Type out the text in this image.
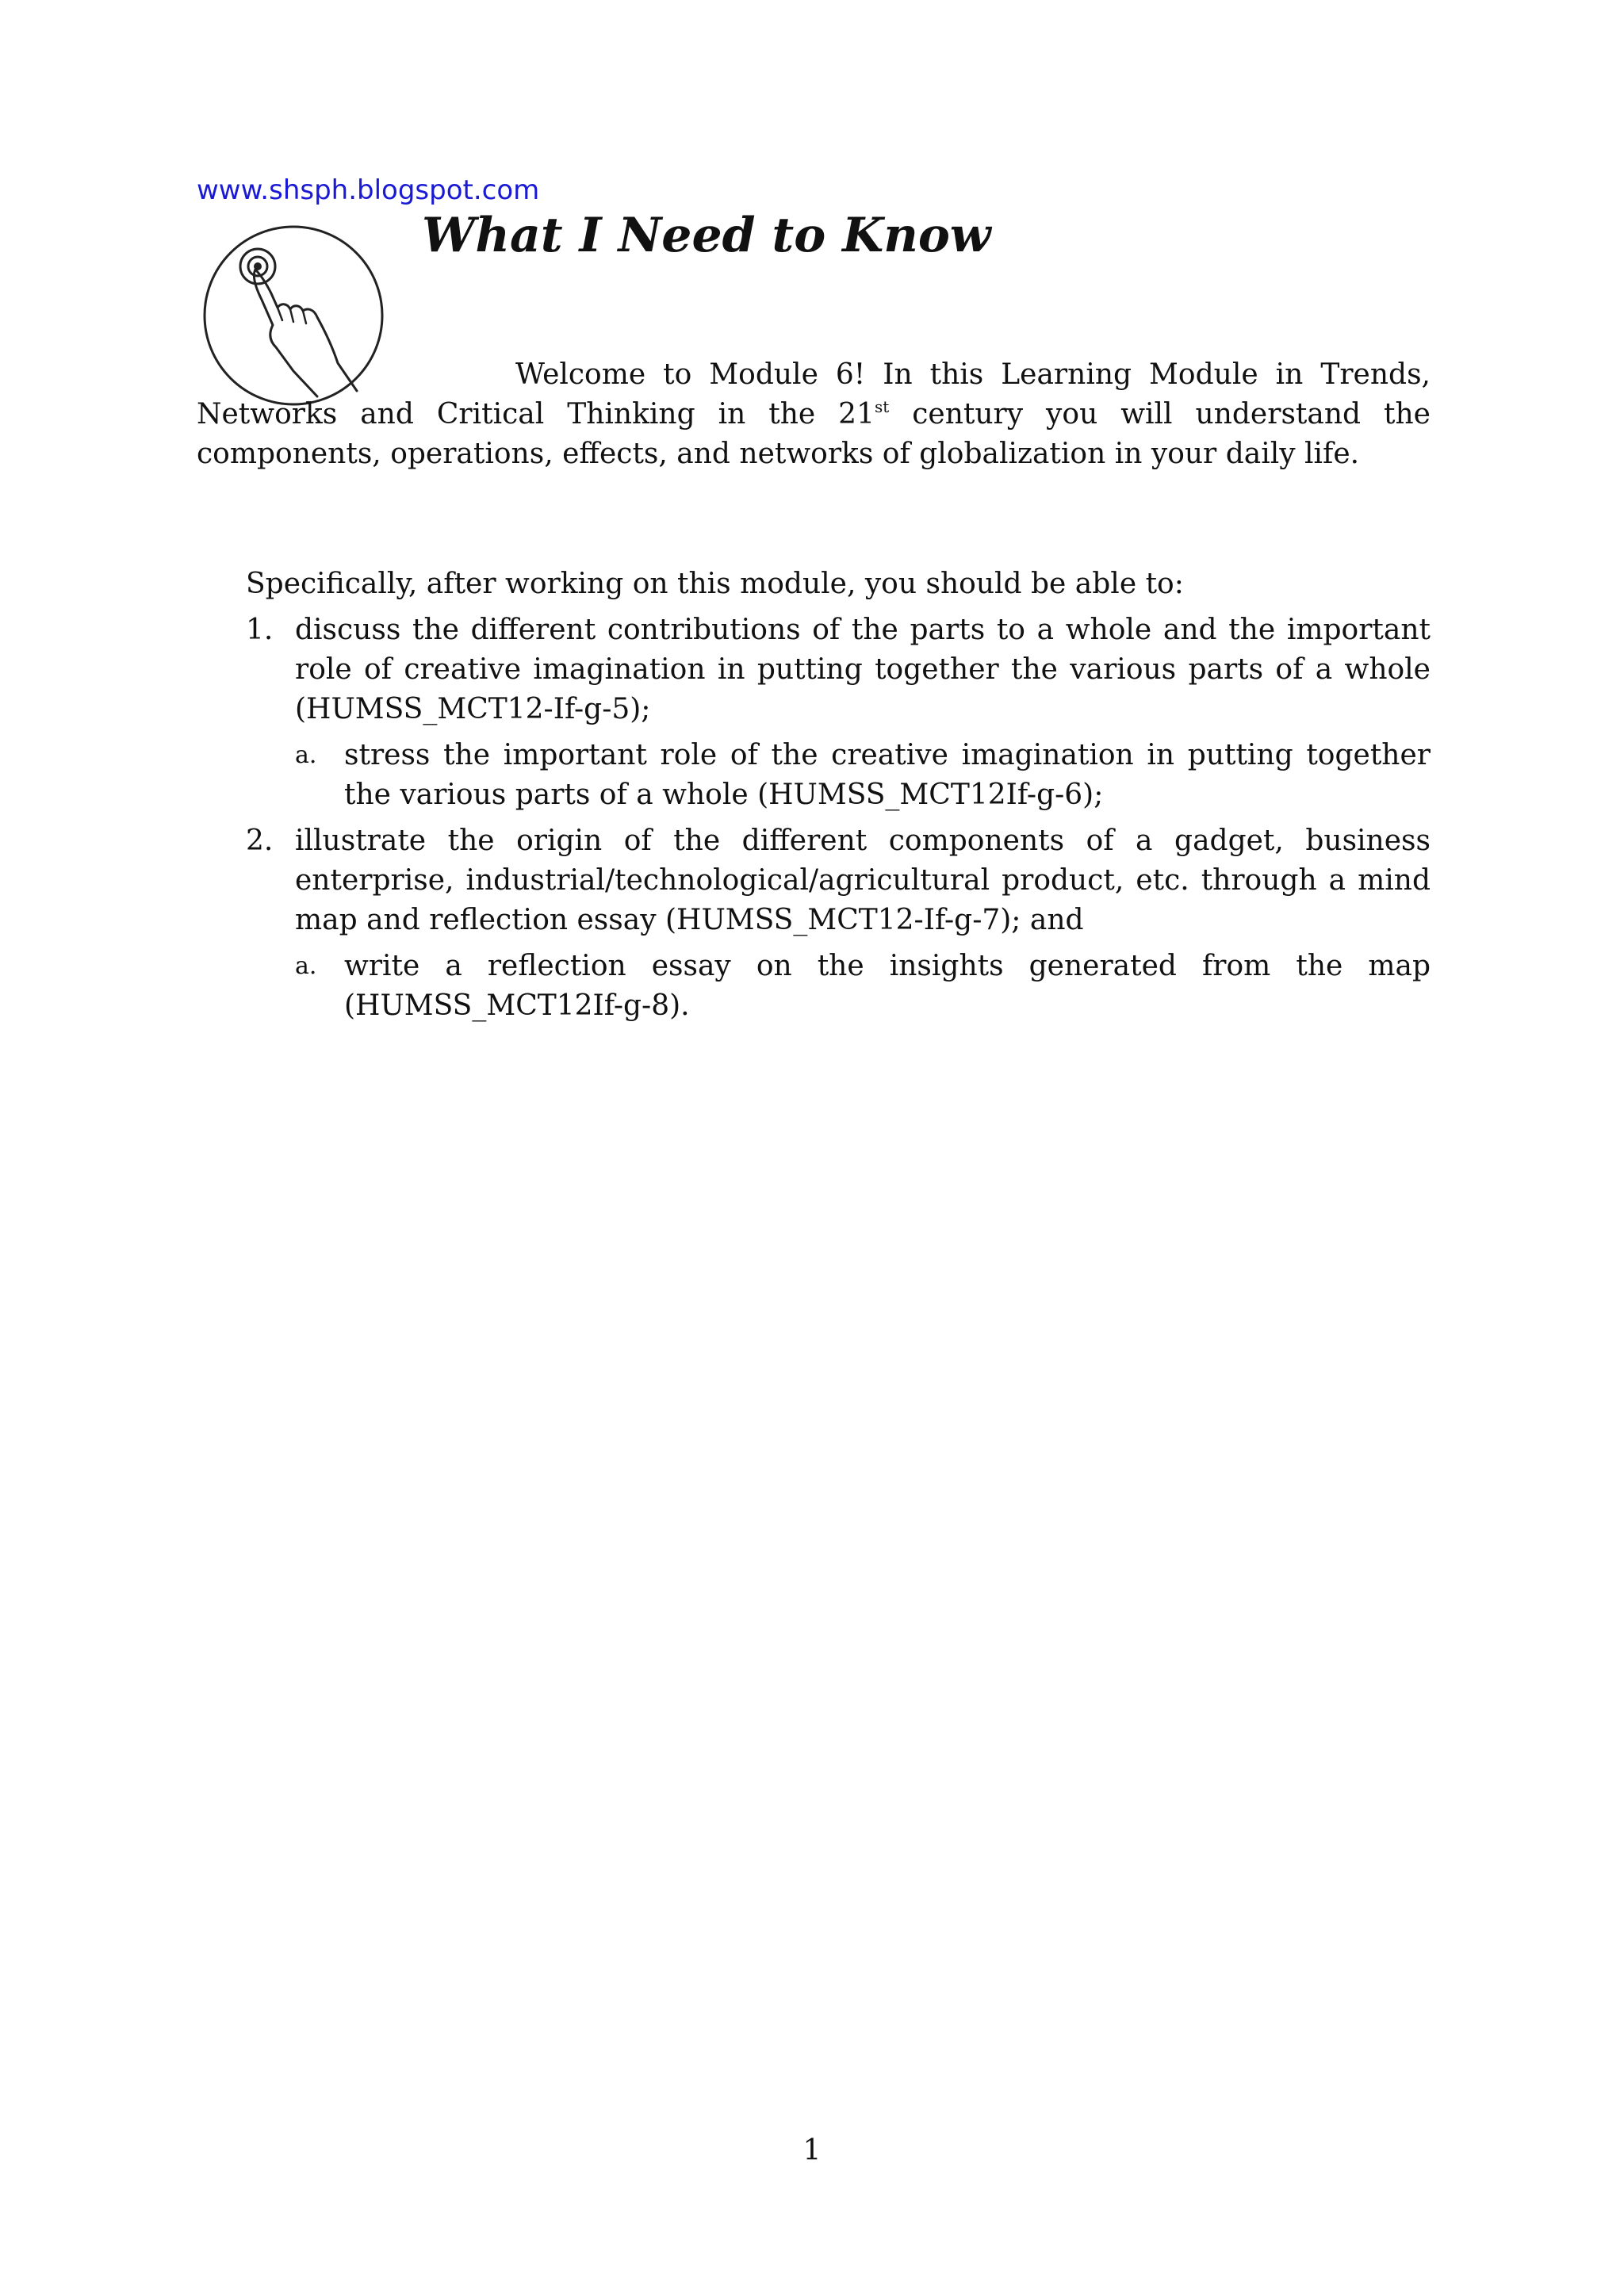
www.shsph.blogspot.com
What I Need to Know

Welcome to Module 6! In this Learning Module in Trends, Networks and Critical Thinking in the 21st century you will understand the components, operations, effects, and networks of globalization in your daily life.

Specifically, after working on this module, you should be able to:

1. discuss the different contributions of the parts to a whole and the important role of creative imagination in putting together the various parts of a whole (HUMSS_MCT12-If-g-5);
a. stress the important role of the creative imagination in putting together the various parts of a whole (HUMSS_MCT12If-g-6);
2. illustrate the origin of the different components of a gadget, business enterprise, industrial/technological/agricultural product, etc. through a mind map and reflection essay (HUMSS_MCT12-If-g-7); and
a. write a reflection essay on the insights generated from the map (HUMSS_MCT12If-g-8).
1
